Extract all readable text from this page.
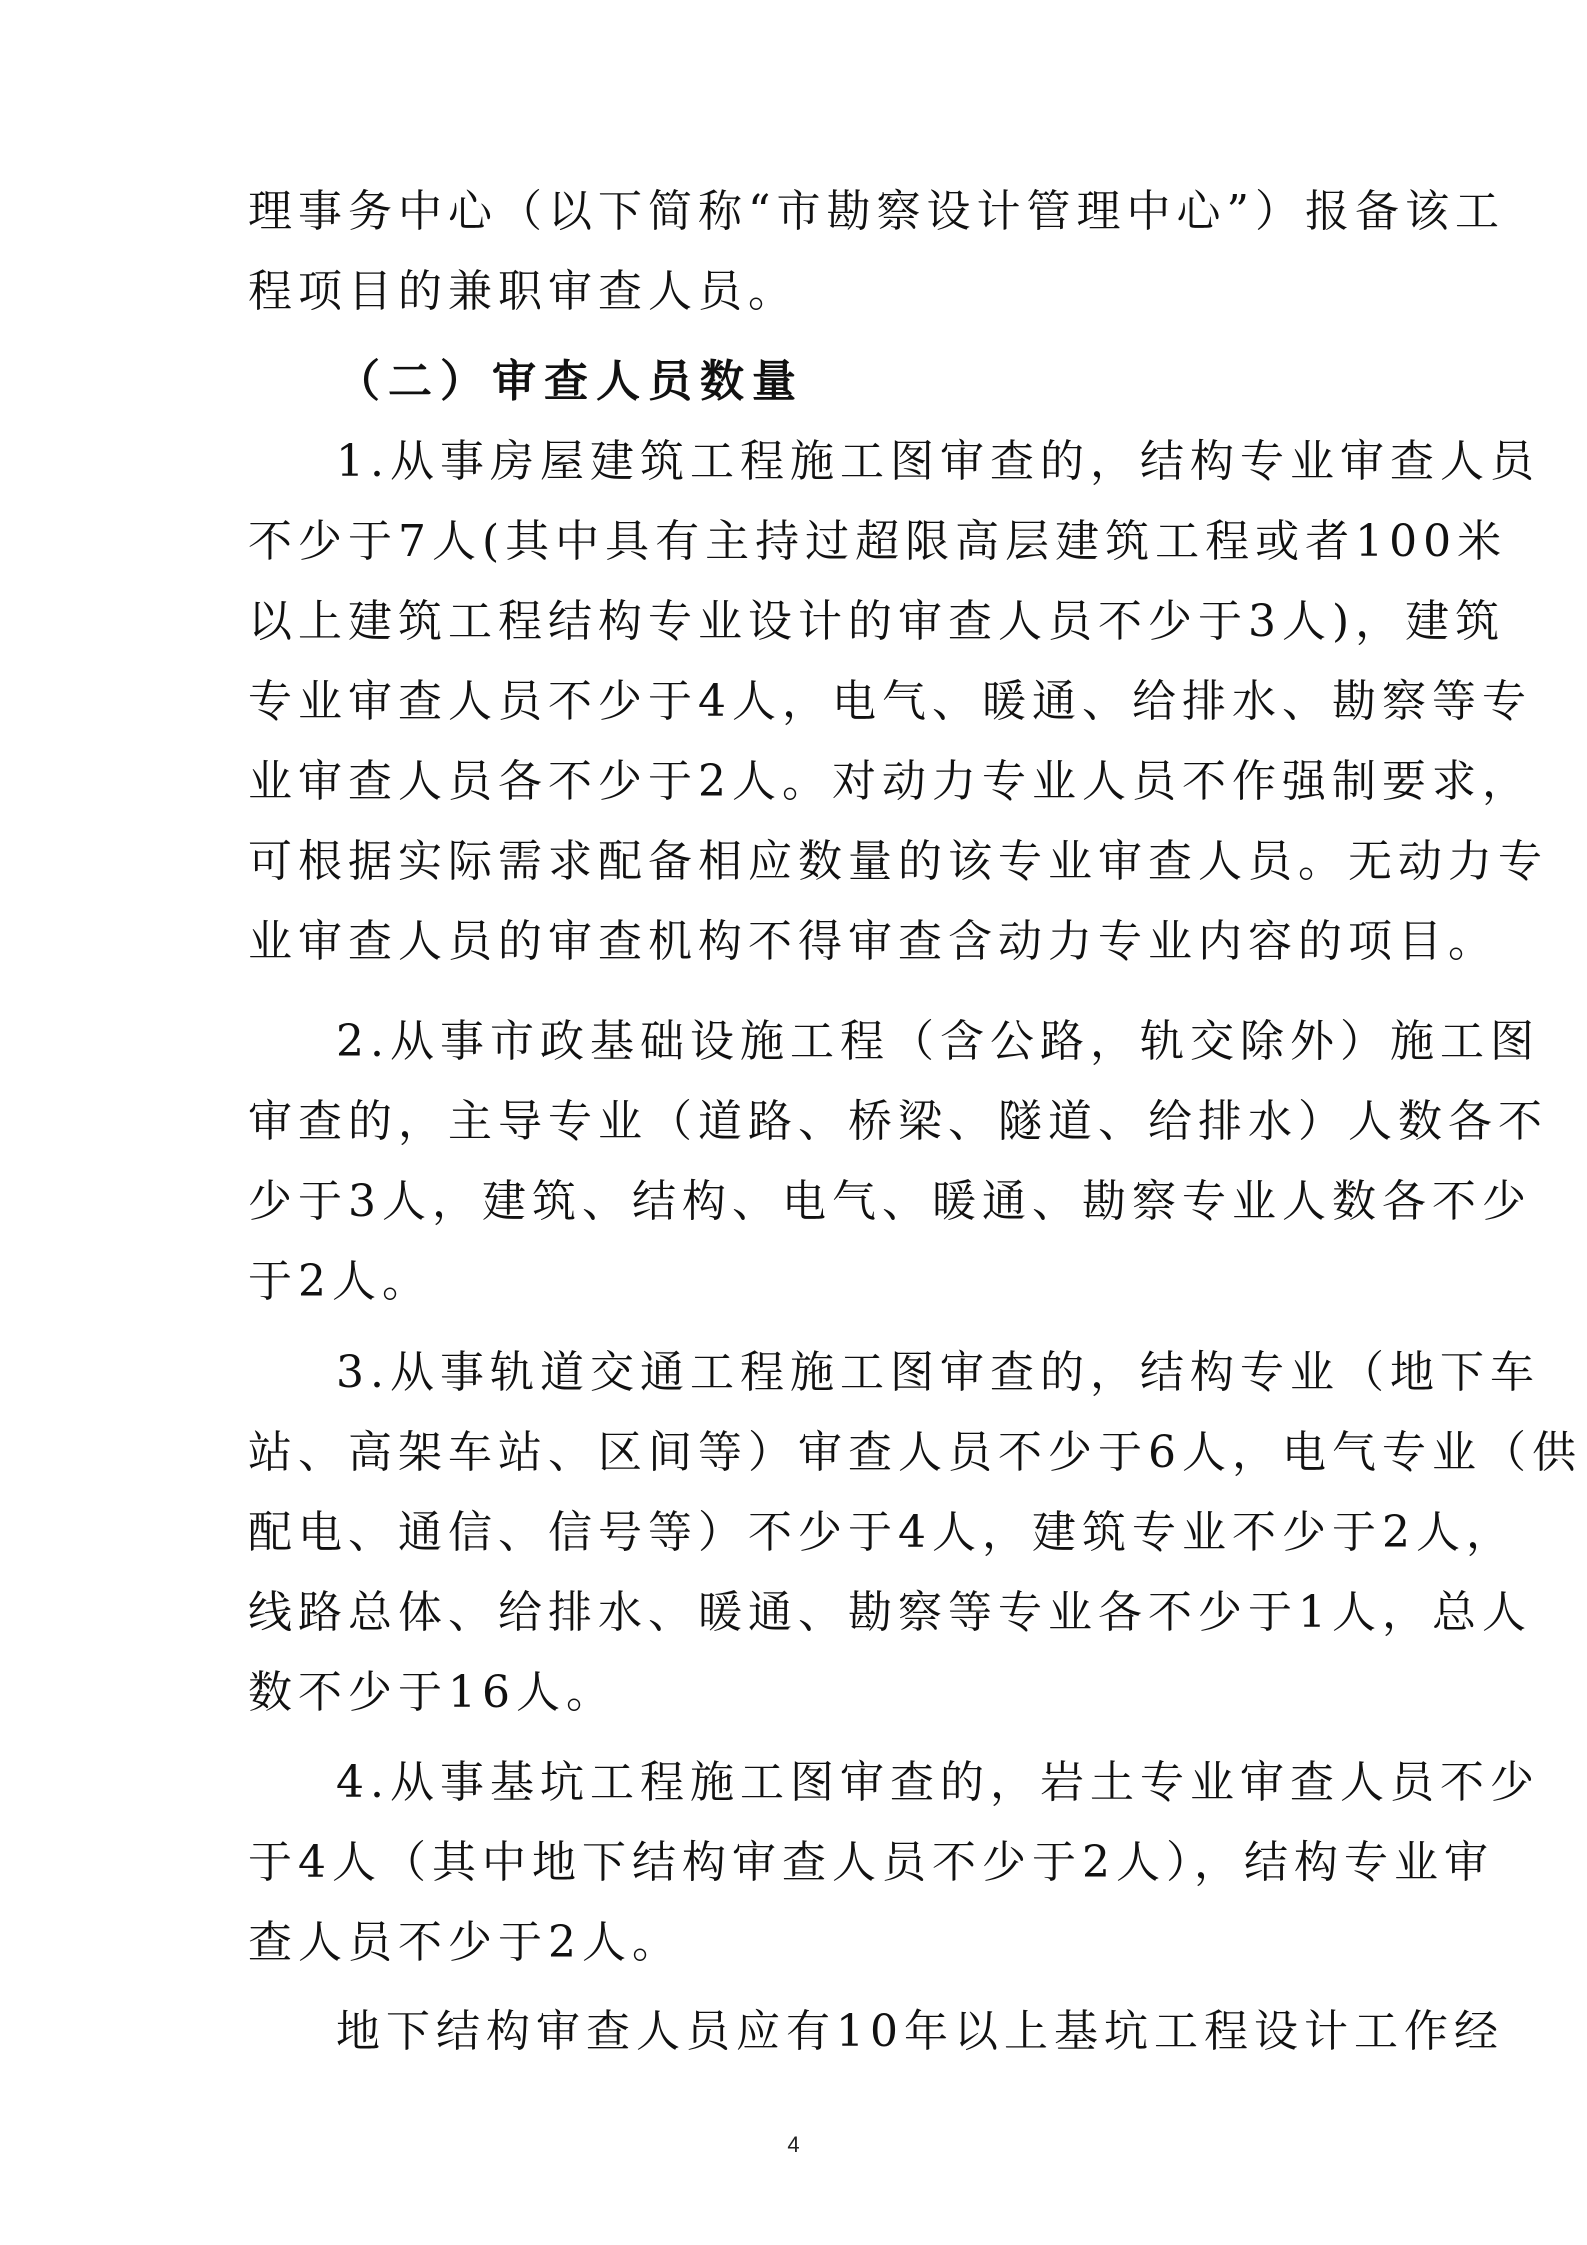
理事务中心（以下简称“市勘察设计管理中心”）报备该工
程项目的兼职审查人员。
（二）审查人员数量
1.从事房屋建筑工程施工图审查的，结构专业审查人员
不少于7人(其中具有主持过超限高层建筑工程或者100米
以上建筑工程结构专业设计的审查人员不少于3人)，建筑
专业审查人员不少于4人，电气、暖通、给排水、勘察等专
业审查人员各不少于2人。对动力专业人员不作强制要求，
可根据实际需求配备相应数量的该专业审查人员。无动力专
业审查人员的审查机构不得审查含动力专业内容的项目。
2.从事市政基础设施工程（含公路，轨交除外）施工图
审查的，主导专业（道路、桥梁、隧道、给排水）人数各不
少于3人，建筑、结构、电气、暖通、勘察专业人数各不少
于2人。
3.从事轨道交通工程施工图审查的，结构专业（地下车
站、高架车站、区间等）审查人员不少于6人，电气专业（供
配电、通信、信号等）不少于4人，建筑专业不少于2人，
线路总体、给排水、暖通、勘察等专业各不少于1人，总人
数不少于16人。
4.从事基坑工程施工图审查的，岩土专业审查人员不少
于4人（其中地下结构审查人员不少于2人），结构专业审
查人员不少于2人。
地下结构审查人员应有10年以上基坑工程设计工作经
4
